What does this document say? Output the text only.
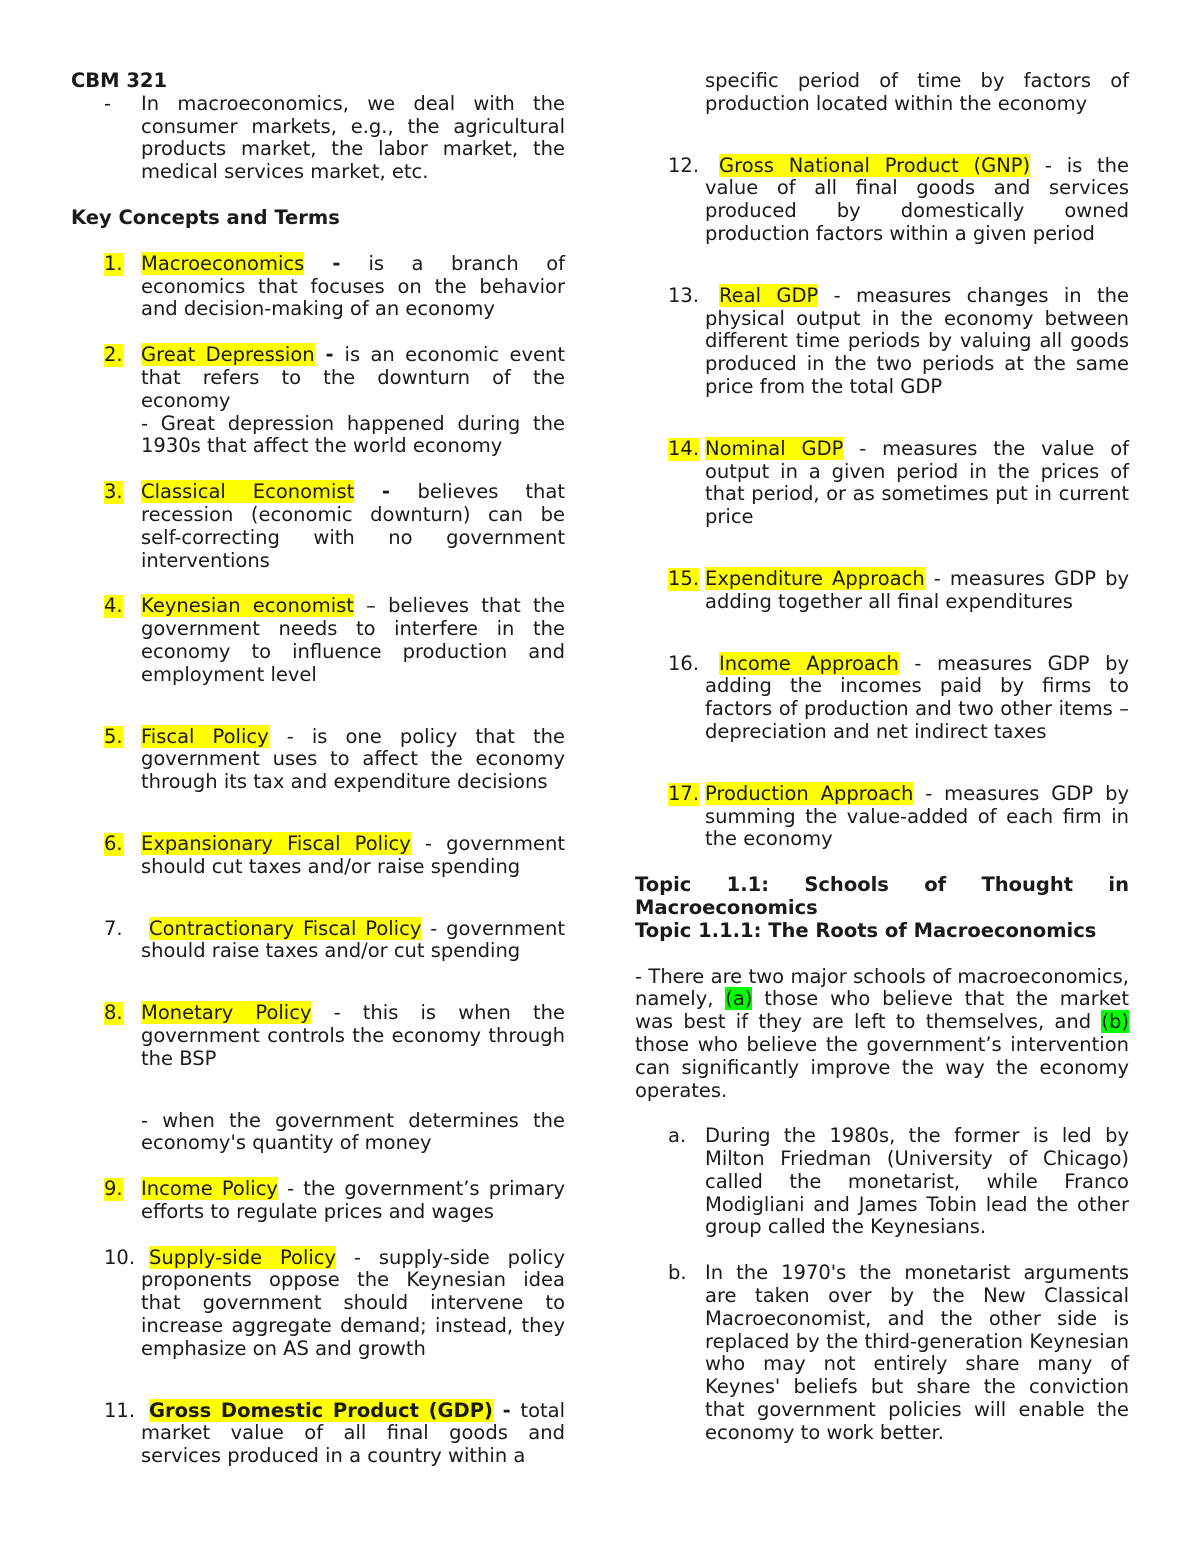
CBM 321
- In macroeconomics, we deal with the consumer markets, e.g., the agricultural products market, the labor market, the medical services market, etc.
Key Concepts and Terms
1. Macroeconomics - is a branch of economics that focuses on the behavior and decision-making of an economy
2. Great Depression - is an economic event that refers to the downturn of the economy
- Great depression happened during the 1930s that affect the world economy
3. Classical Economist - believes that recession (economic downturn) can be self-correcting with no government interventions
4. Keynesian economist – believes that the government needs to interfere in the economy to influence production and employment level
5. Fiscal Policy - is one policy that the government uses to affect the economy through its tax and expenditure decisions
6. Expansionary Fiscal Policy - government should cut taxes and/or raise spending
7. Contractionary Fiscal Policy - government should raise taxes and/or cut spending
8. Monetary Policy - this is when the government controls the economy through the BSP
- when the government determines the economy's quantity of money
9. Income Policy - the government’s primary efforts to regulate prices and wages
10. Supply-side Policy - supply-side policy proponents oppose the Keynesian idea that government should intervene to increase aggregate demand; instead, they emphasize on AS and growth
11. Gross Domestic Product (GDP) - total market value of all final goods and services produced in a country within a
specific period of time by factors of production located within the economy
12. Gross National Product (GNP) - is the value of all final goods and services produced by domestically owned production factors within a given period
13. Real GDP - measures changes in the physical output in the economy between different time periods by valuing all goods produced in the two periods at the same price from the total GDP
14. Nominal GDP - measures the value of output in a given period in the prices of that period, or as sometimes put in current price
15. Expenditure Approach - measures GDP by adding together all final expenditures
16. Income Approach - measures GDP by adding the incomes paid by firms to factors of production and two other items – depreciation and net indirect taxes
17. Production Approach - measures GDP by summing the value-added of each firm in the economy
Topic 1.1: Schools of Thought in Macroeconomics
Topic 1.1.1: The Roots of Macroeconomics
- There are two major schools of macroeconomics, namely, (a) those who believe that the market was best if they are left to themselves, and (b) those who believe the government’s intervention can significantly improve the way the economy operates.
a. During the 1980s, the former is led by Milton Friedman (University of Chicago) called the monetarist, while Franco Modigliani and James Tobin lead the other group called the Keynesians.
b. In the 1970's the monetarist arguments are taken over by the New Classical Macroeconomist, and the other side is replaced by the third-generation Keynesian who may not entirely share many of Keynes' beliefs but share the conviction that government policies will enable the economy to work better.
